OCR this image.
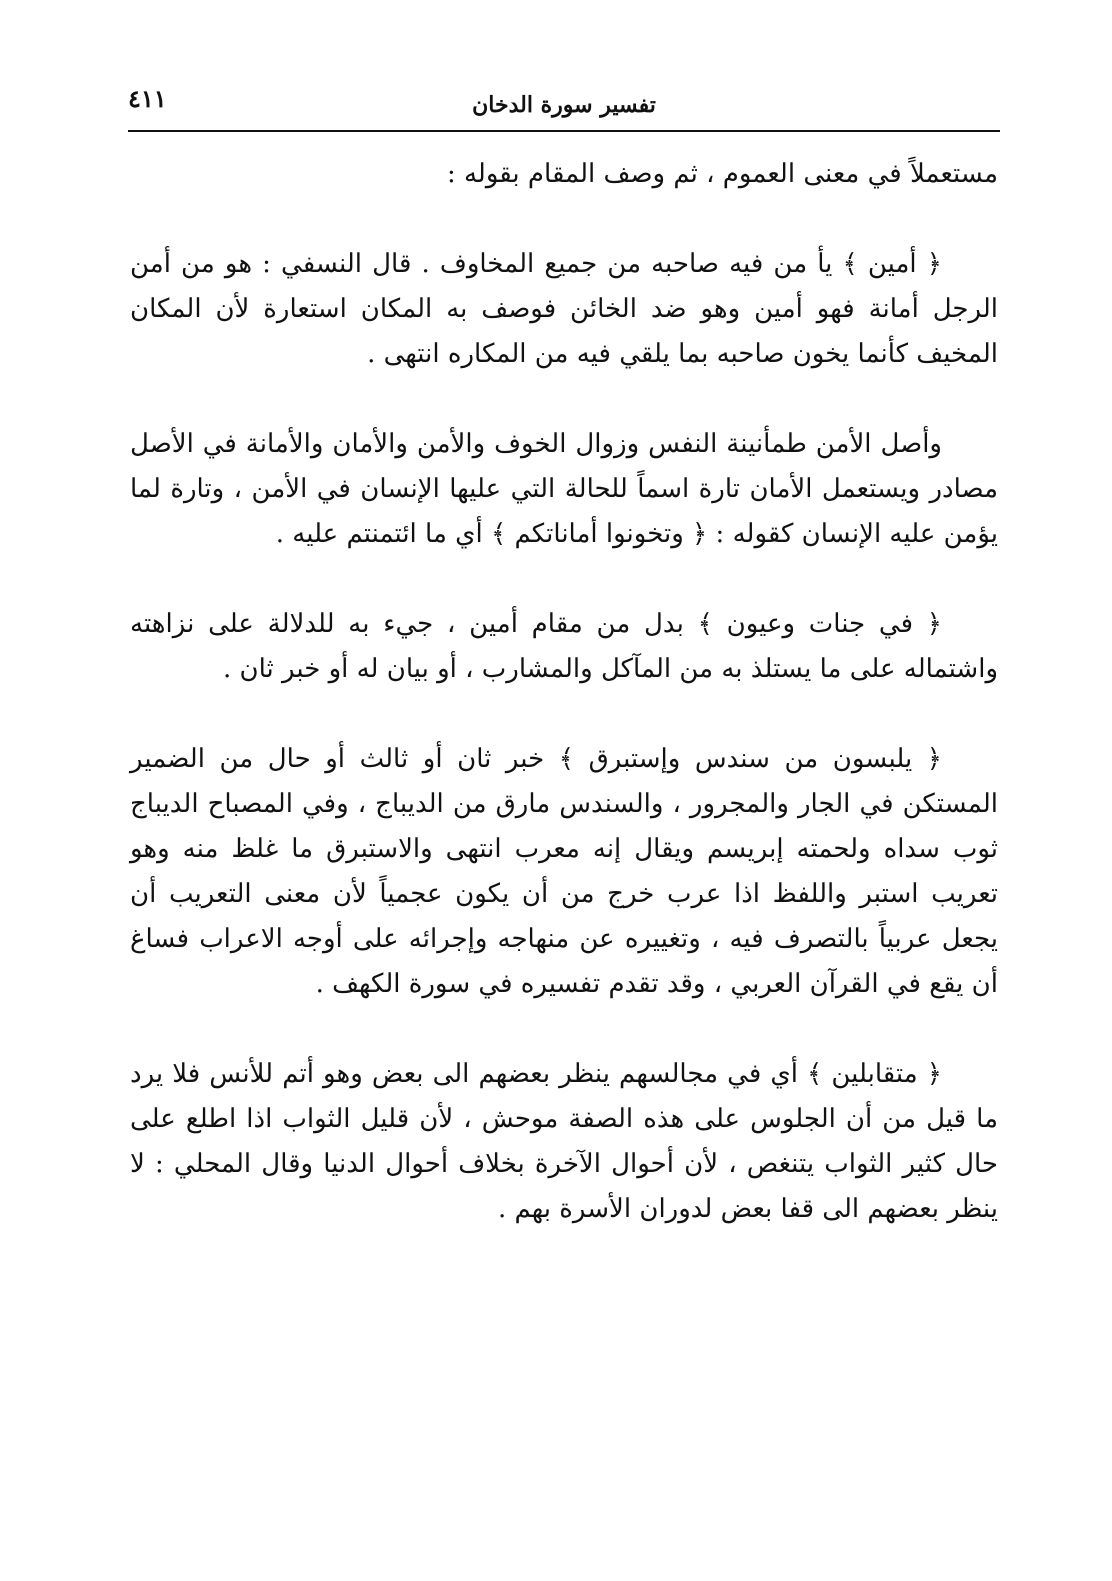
٤١١	تفسير سورة الدخان

مستعملاً في معنى العموم ، ثم وصف المقام بقوله :

﴿ أمين ﴾ يأ من فيه صاحبه من جميع المخاوف . قال النسفي : هو من أمن الرجل أمانة فهو أمين وهو ضد الخائن فوصف به المكان استعارة لأن المكان المخيف كأنما يخون صاحبه بما يلقي فيه من المكاره انتهى .

وأصل الأمن طمأنينة النفس وزوال الخوف والأمن والأمان والأمانة في الأصل مصادر ويستعمل الأمان تارة اسماً للحالة التي عليها الإنسان في الأمن ، وتارة لما يؤمن عليه الإنسان كقوله : ﴿ وتخونوا أماناتكم ﴾ أي ما ائتمنتم عليه .

﴿ في جنات وعيون ﴾ بدل من مقام أمين ، جيء به للدلالة على نزاهته واشتماله على ما يستلذ به من المآكل والمشارب ، أو بيان له أو خبر ثان .

﴿ يلبسون من سندس وإستبرق ﴾ خبر ثان أو ثالث أو حال من الضمير المستكن في الجار والمجرور ، والسندس مارق من الديباج ، وفي المصباح الديباج ثوب سداه ولحمته إبريسم ويقال إنه معرب انتهى والاستبرق ما غلظ منه وهو تعريب استبر واللفظ اذا عرب خرج من أن يكون عجمياً لأن معنى التعريب أن يجعل عربياً بالتصرف فيه ، وتغييره عن منهاجه وإجرائه على أوجه الاعراب فساغ أن يقع في القرآن العربي ، وقد تقدم تفسيره في سورة الكهف .

﴿ متقابلين ﴾ أي في مجالسهم ينظر بعضهم الى بعض وهو أتم للأنس فلا يرد ما قيل من أن الجلوس على هذه الصفة موحش ، لأن قليل الثواب اذا اطلع على حال كثير الثواب يتنغص ، لأن أحوال الآخرة بخلاف أحوال الدنيا وقال المحلي : لا ينظر بعضهم الى قفا بعض لدوران الأسرة بهم .
